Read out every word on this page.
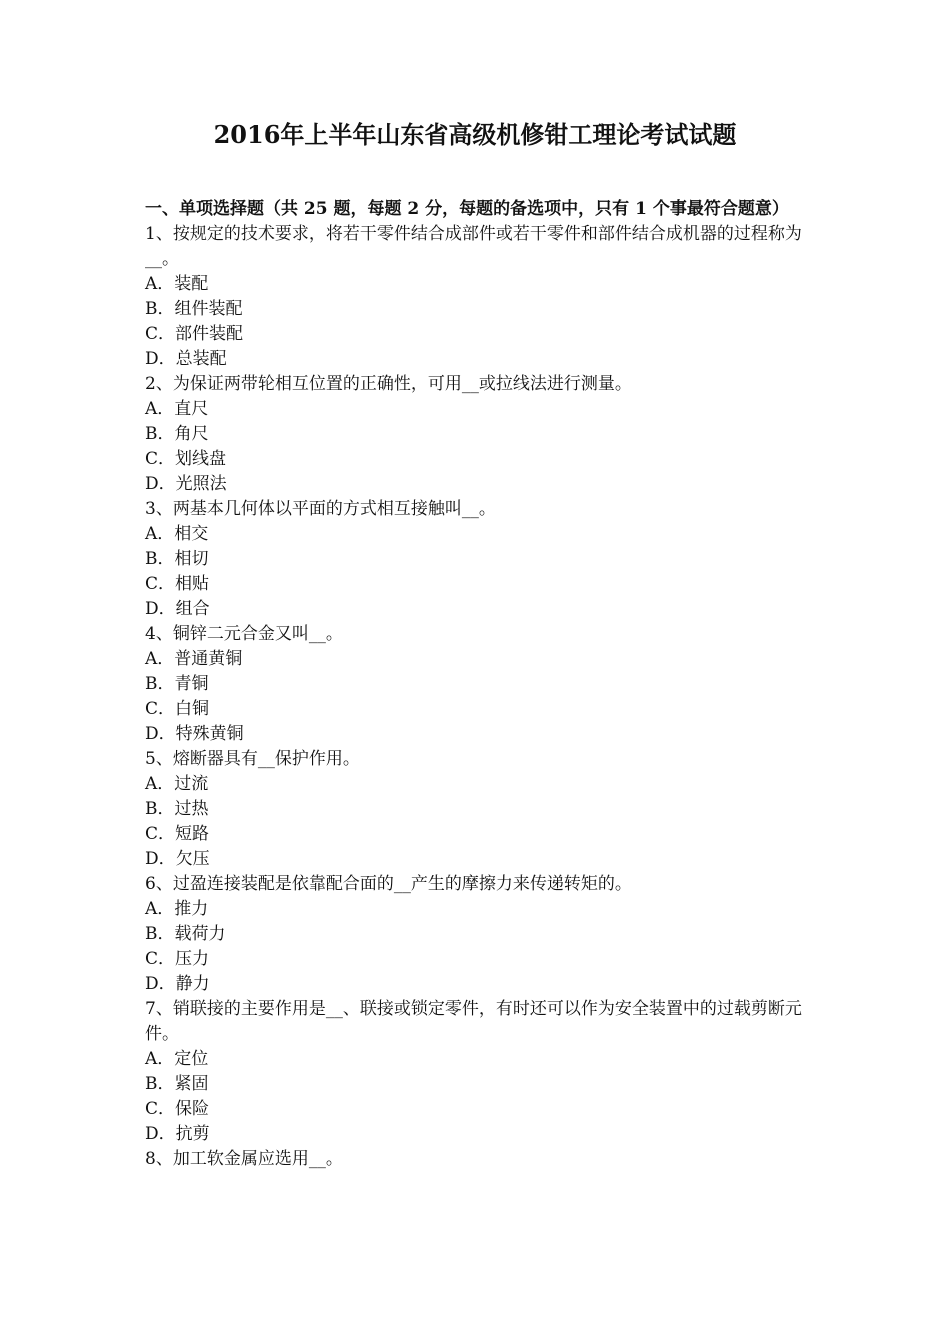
2016年上半年山东省高级机修钳工理论考试试题

一、单项选择题（共 25 题，每题 2 分，每题的备选项中，只有 1 个事最符合题意）

1、按规定的技术要求，将若干零件结合成部件或若干零件和部件结合成机器的过程称为__。

A．装配

B．组件装配

C．部件装配

D．总装配

2、为保证两带轮相互位置的正确性，可用__或拉线法进行测量。

A．直尺

B．角尺

C．划线盘

D．光照法

3、两基本几何体以平面的方式相互接触叫__。

A．相交

B．相切

C．相贴

D．组合

4、铜锌二元合金又叫__。

A．普通黄铜

B．青铜

C．白铜

D．特殊黄铜

5、熔断器具有__保护作用。

A．过流

B．过热

C．短路

D．欠压

6、过盈连接装配是依靠配合面的__产生的摩擦力来传递转矩的。

A．推力

B．载荷力

C．压力

D．静力

7、销联接的主要作用是__、联接或锁定零件，有时还可以作为安全装置中的过载剪断元件。

A．定位

B．紧固

C．保险

D．抗剪

8、加工软金属应选用__。
